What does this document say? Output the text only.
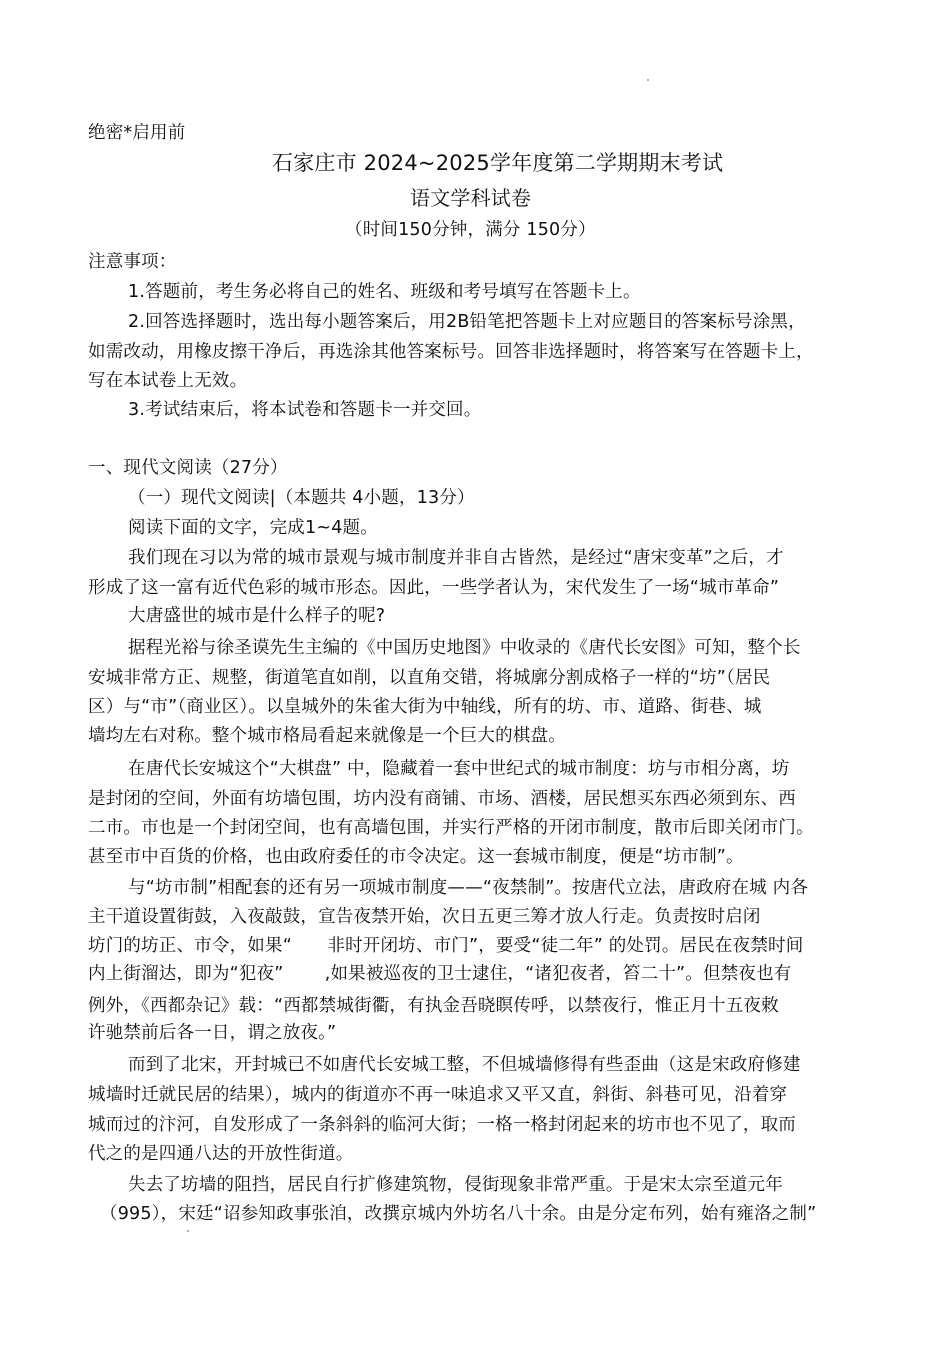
绝密*启用前
石家庄市 2024~2025学年度第二学期期末考试
语文学科试卷
（时间150分钟，满分 150分）
注意事项：
1.答题前，考生务必将自己的姓名、班级和考号填写在答题卡上。
2.回答选择题时，选出每小题答案后，用2B铅笔把答题卡上对应题目的答案标号涂黑，
如需改动，用橡皮擦干净后，再选涂其他答案标号。回答非选择题时，将答案写在答题卡上，
写在本试卷上无效。
3.考试结束后，将本试卷和答题卡一并交回。
一、现代文阅读（27分）
（一）现代文阅读|（本题共 4小题，13分）
阅读下面的文字，完成1~4题。
我们现在习以为常的城市景观与城市制度并非自古皆然，是经过“唐宋变革”之后，才
形成了这一富有近代色彩的城市形态。因此，一些学者认为，宋代发生了一场“城市革命”
大唐盛世的城市是什么样子的呢?
据程光裕与徐圣谟先生主编的《中国历史地图》中收录的《唐代长安图》可知，整个长
安城非常方正、规整，街道笔直如削，以直角交错，将城廓分割成格子一样的“坊”（居民
区）与“市”（商业区）。以皇城外的朱雀大街为中轴线，所有的坊、市、道路、街巷、城
墙均左右对称。整个城市格局看起来就像是一个巨大的棋盘。
在唐代长安城这个“大棋盘” 中，隐藏着一套中世纪式的城市制度：坊与市相分离，坊
是封闭的空间，外面有坊墙包围，坊内没有商铺、市场、酒楼，居民想买东西必须到东、西
二市。市也是一个封闭空间，也有高墙包围，并实行严格的开闭市制度，散市后即关闭市门。
甚至市中百货的价格，也由政府委任的市令决定。这一套城市制度，便是“坊市制”。
与“坊市制”相配套的还有另一项城市制度——“夜禁制”。按唐代立法，唐政府在城 内各
主干道设置街鼓，入夜敲鼓，宣告夜禁开始，次日五更三筹才放人行走。负责按时启闭
坊门的坊正、市令，如果“　　非时开闭坊、市门”，要受“徒二年” 的处罚。居民在夜禁时间
内上街溜达，即为“犯夜”　　 ,如果被巡夜的卫士逮住，“诸犯夜者，笞二十”。但禁夜也有
例外，《西都杂记》载：“西都禁城街衢，有执金吾晓瞑传呼，以禁夜行，惟正月十五夜敕
许驰禁前后各一日，谓之放夜。”
而到了北宋，开封城已不如唐代长安城工整，不但城墙修得有些歪曲（这是宋政府修建
城墙时迁就民居的结果），城内的街道亦不再一味追求又平又直，斜街、斜巷可见，沿着穿
城而过的汴河，自发形成了一条斜斜的临河大街；一格一格封闭起来的坊市也不见了，取而
代之的是四通八达的开放性街道。
失去了坊墙的阻挡，居民自行扩修建筑物，侵街现象非常严重。于是宋太宗至道元年
（995），宋廷“诏参知政事张洎，改撰京城内外坊名八十余。由是分定布列，始有雍洛之制”
